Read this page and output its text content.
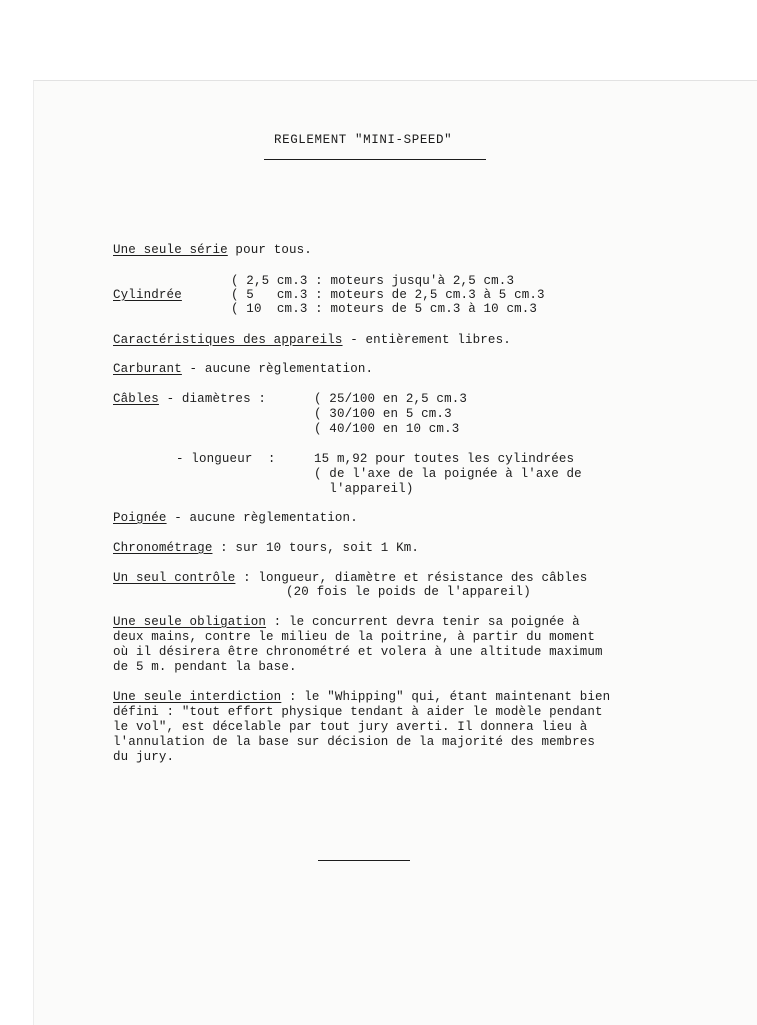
REGLEMENT "MINI-SPEED"
Une seule série pour tous.
Cylindrée
( 2,5 cm.3 : moteurs jusqu'à 2,5 cm.3
( 5   cm.3 : moteurs de 2,5 cm.3 à 5 cm.3
( 10  cm.3 : moteurs de 5 cm.3 à 10 cm.3
Caractéristiques des appareils - entièrement libres.
Carburant - aucune règlementation.
Câbles - diamètres :	( 25/100 en 2,5 cm.3
( 30/100 en 5 cm.3
( 40/100 en 10 cm.3
- longueur  :	15 m,92 pour toutes les cylindrées
( de l'axe de la poignée à l'axe de
l'appareil)
Poignée - aucune règlementation.
Chronométrage : sur 10 tours, soit 1 Km.
Un seul contrôle : longueur, diamètre et résistance des câbles
(20 fois le poids de l'appareil)
Une seule obligation : le concurrent devra tenir sa poignée à
deux mains, contre le milieu de la poitrine, à partir du moment
où il désirera être chronométré et volera à une altitude maximum
de 5 m. pendant la base.
Une seule interdiction : le "Whipping" qui, étant maintenant bien
défini : "tout effort physique tendant à aider le modèle pendant
le vol", est décelable par tout jury averti. Il donnera lieu à
l'annulation de la base sur décision de la majorité des membres
du jury.
